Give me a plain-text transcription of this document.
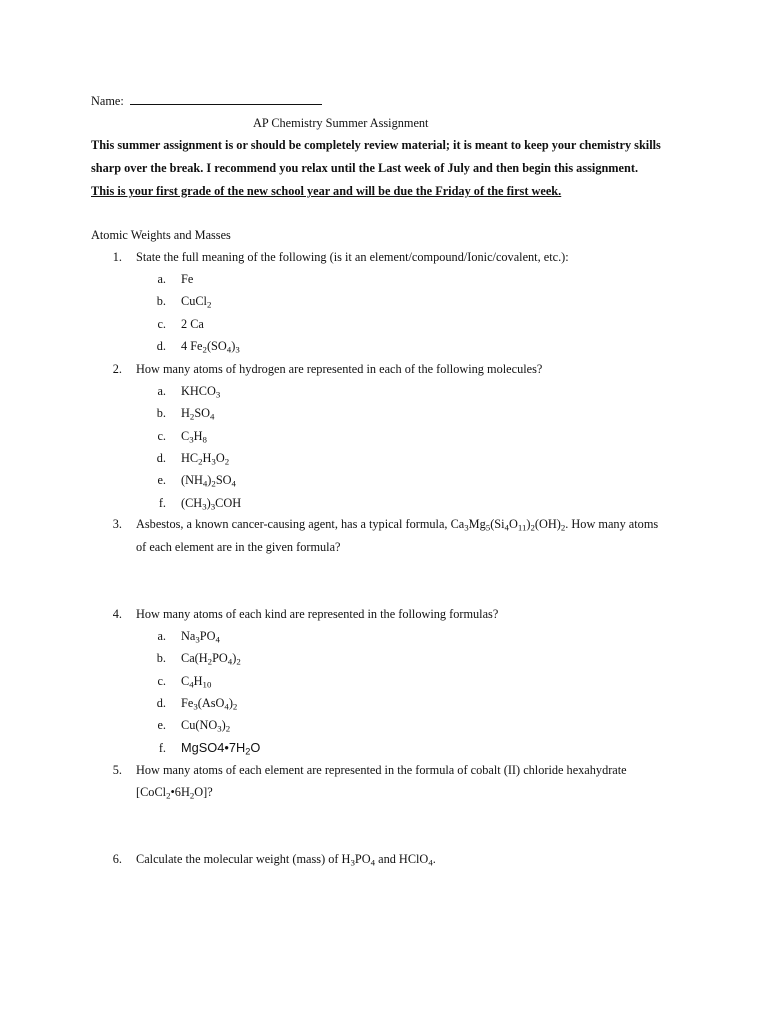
Name:
AP Chemistry Summer Assignment
This summer assignment is or should be completely review material; it is meant to keep your chemistry skills
sharp over the break. I recommend you relax until the Last week of July and then begin this assignment.
This is your first grade of the new school year and will be due the Friday of the first week.
Atomic Weights and Masses
1. State the full meaning of the following (is it an element/compound/Ionic/covalent, etc.):
a. Fe
b. CuCl$_2$
c. 2 Ca
d. 4 $Fe_2(SO_4)_3$
2. How many atoms of hydrogen are represented in each of the following molecules?
a. $KHCO_3$
b. $H_2SO_4$
c. $C_3H_8$
d. $HC_2H_3O_2$
e. $(NH_4)_2SO_4$
f. $(CH_3)_3COH$
3. Asbestos, a known cancer-causing agent, has a typical formula, $Ca_3Mg_5(Si_4O_{11})_2(OH)_2$. How many atoms
of each element are in the given formula?
4. How many atoms of each kind are represented in the following formulas?
a. $Na_3PO_4$
b. $Ca(H_2PO_4)_2$
c. $C_4H_{10}$
d. $Fe_3(AsO_4)_2$
e. $Cu(NO_3)_2$
f. $MgSO4•7H_2O$
5. How many atoms of each element are represented in the formula of cobalt (II) chloride hexahydrate
$[CoCl_2•6H_2O]$?
6. Calculate the molecular weight (mass) of $H_3PO_4$ and HClO$_4$.
